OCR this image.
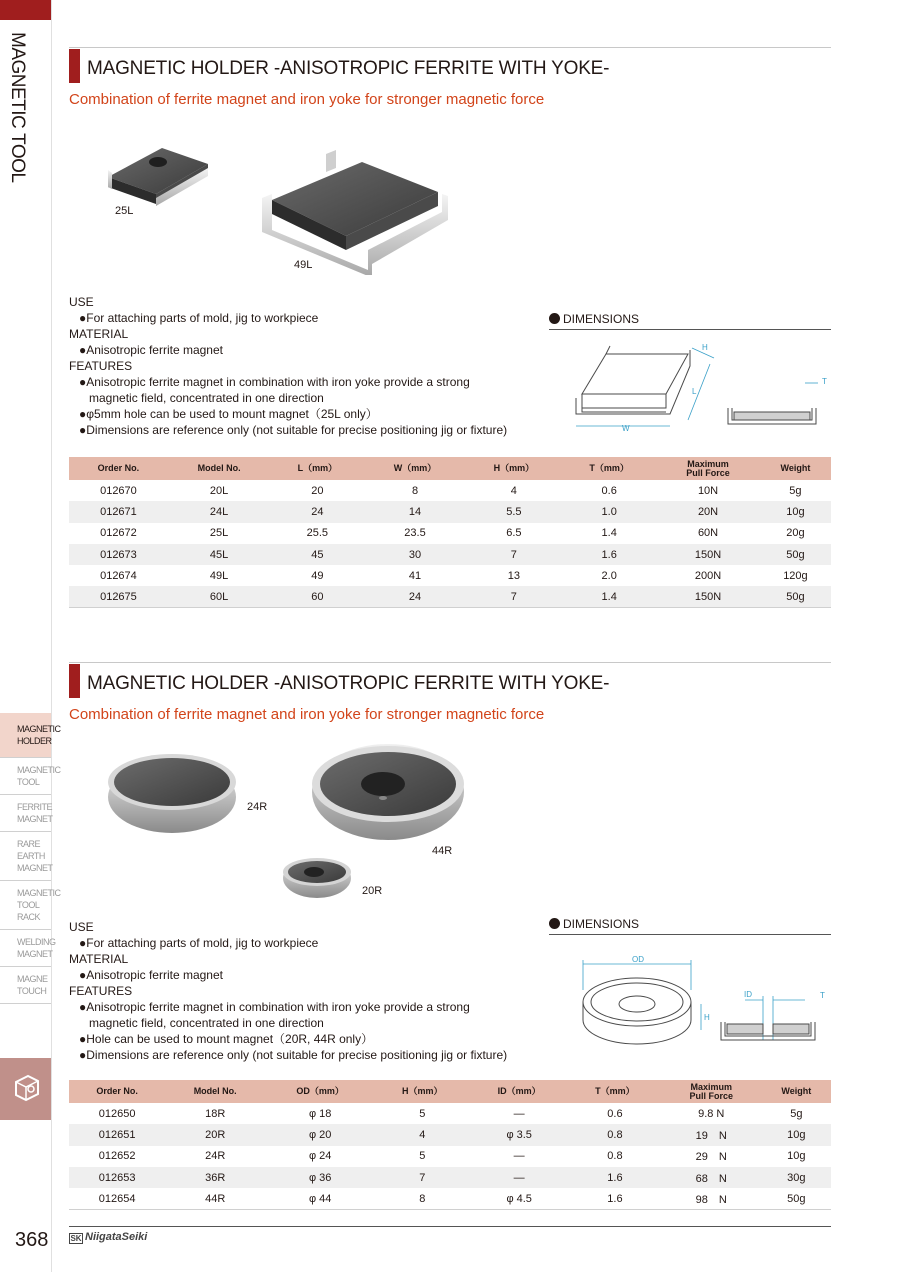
MAGNETIC TOOL
MAGNETIC
HOLDER
MAGNETIC
TOOL
FERRITE
MAGNET
RARE
EARTH
MAGNET
MAGNETIC
TOOL RACK
WELDING
MAGNET
MAGNE
TOUCH
368
MAGNETIC HOLDER -ANISOTROPIC FERRITE WITH YOKE-
Combination of ferrite magnet and iron yoke for stronger magnetic force
25L
49L
USE
●For attaching parts of mold, jig to workpiece
MATERIAL
●Anisotropic ferrite magnet
FEATURES
●Anisotropic ferrite magnet in combination with iron yoke provide a strong
magnetic field, concentrated in one direction
●φ5mm hole can be used to mount magnet（25L only）
●Dimensions are reference only (not suitable for precise positioning jig or fixture)
DIMENSIONS
W
H
L
T
Order No.	Model No.	L（mm）	W（mm）	H（mm）	T（mm）	Maximum
Pull Force	Weight
012670	20L	20	8	4	0.6	10N	5g
012671	24L	24	14	5.5	1.0	20N	10g
012672	25L	25.5	23.5	6.5	1.4	60N	20g
012673	45L	45	30	7	1.6	150N	50g
012674	49L	49	41	13	2.0	200N	120g
012675	60L	60	24	7	1.4	150N	50g
MAGNETIC HOLDER -ANISOTROPIC FERRITE WITH YOKE-
Combination of ferrite magnet and iron yoke for stronger magnetic force
24R
44R
20R
USE
●For attaching parts of mold, jig to workpiece
MATERIAL
●Anisotropic ferrite magnet
FEATURES
●Anisotropic ferrite magnet in combination with iron yoke provide a strong
magnetic field, concentrated in one direction
●Hole can be used to mount magnet（20R, 44R only）
●Dimensions are reference only (not suitable for precise positioning jig or fixture)
DIMENSIONS
OD
H
ID	T
Order No.	Model No.	OD（mm）	H（mm）	ID（mm）	T（mm）	Maximum
Pull Force	Weight
012650	18R	φ 18	5	—	0.6	9.8 N	5g
012651	20R	φ 20	4	φ 3.5	0.8	19　N	10g
012652	24R	φ 24	5	—	0.8	29　N	10g
012653	36R	φ 36	7	—	1.6	68　N	30g
012654	44R	φ 44	8	φ 4.5	1.6	98　N	50g
SK NiigataSeiki
